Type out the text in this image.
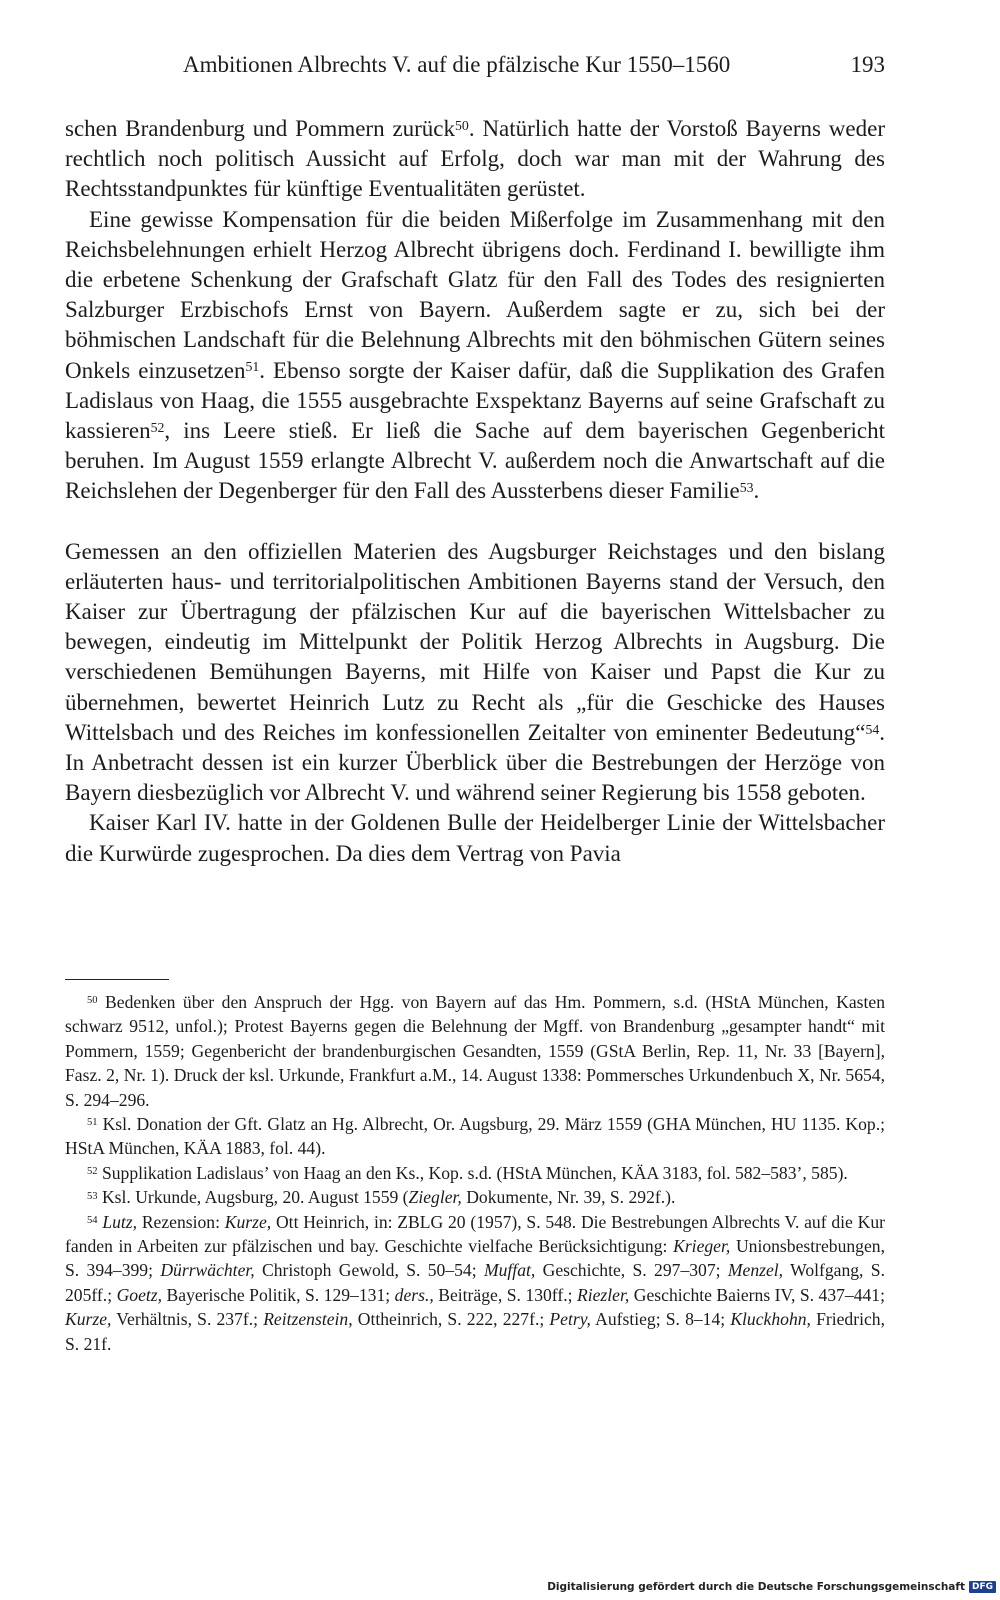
Ambitionen Albrechts V. auf die pfälzische Kur 1550–1560	193

schen Brandenburg und Pommern zurück$^{50}$. Natürlich hatte der Vorstoß Bayerns weder rechtlich noch politisch Aussicht auf Erfolg, doch war man mit der Wahrung des Rechtsstandpunktes für künftige Eventualitäten gerüstet.

Eine gewisse Kompensation für die beiden Mißerfolge im Zusammenhang mit den Reichsbelehnungen erhielt Herzog Albrecht übrigens doch. Ferdinand I. bewilligte ihm die erbetene Schenkung der Grafschaft Glatz für den Fall des Todes des resignierten Salzburger Erzbischofs Ernst von Bayern. Außerdem sagte er zu, sich bei der böhmischen Landschaft für die Belehnung Albrechts mit den böhmischen Gütern seines Onkels einzusetzen$^{51}$. Ebenso sorgte der Kaiser dafür, daß die Supplikation des Grafen Ladislaus von Haag, die 1555 ausgebrachte Exspektanz Bayerns auf seine Grafschaft zu kassieren$^{52}$, ins Leere stieß. Er ließ die Sache auf dem bayerischen Gegenbericht beruhen. Im August 1559 erlangte Albrecht V. außerdem noch die Anwartschaft auf die Reichslehen der Degenberger für den Fall des Aussterbens dieser Familie$^{53}$.

Gemessen an den offiziellen Materien des Augsburger Reichstages und den bislang erläuterten haus- und territorialpolitischen Ambitionen Bayerns stand der Versuch, den Kaiser zur Übertragung der pfälzischen Kur auf die bayerischen Wittelsbacher zu bewegen, eindeutig im Mittelpunkt der Politik Herzog Albrechts in Augsburg. Die verschiedenen Bemühungen Bayerns, mit Hilfe von Kaiser und Papst die Kur zu übernehmen, bewertet Heinrich Lutz zu Recht als „für die Geschicke des Hauses Wittelsbach und des Reiches im konfessionellen Zeitalter von eminenter Bedeutung“$^{54}$. In Anbetracht dessen ist ein kurzer Überblick über die Bestrebungen der Herzöge von Bayern diesbezüglich vor Albrecht V. und während seiner Regierung bis 1558 geboten.

Kaiser Karl IV. hatte in der Goldenen Bulle der Heidelberger Linie der Wittelsbacher die Kurwürde zugesprochen. Da dies dem Vertrag von Pavia

$^{50}$ Bedenken über den Anspruch der Hgg. von Bayern auf das Hm. Pommern, s.d. (HStA München, Kasten schwarz 9512, unfol.); Protest Bayerns gegen die Belehnung der Mgff. von Brandenburg „gesampter handt“ mit Pommern, 1559; Gegenbericht der brandenburgischen Gesandten, 1559 (GStA Berlin, Rep. 11, Nr. 33 [Bayern], Fasz. 2, Nr. 1). Druck der ksl. Urkunde, Frankfurt a.M., 14. August 1338: Pommersches Urkundenbuch X, Nr. 5654, S. 294–296.

$^{51}$ Ksl. Donation der Gft. Glatz an Hg. Albrecht, Or. Augsburg, 29. März 1559 (GHA München, HU 1135. Kop.; HStA München, KÄA 1883, fol. 44).

$^{52}$ Supplikation Ladislaus’ von Haag an den Ks., Kop. s.d. (HStA München, KÄA 3183, fol. 582–583’, 585).

$^{53}$ Ksl. Urkunde, Augsburg, 20. August 1559 (Ziegler, Dokumente, Nr. 39, S. 292f.).

$^{54}$ Lutz, Rezension: Kurze, Ott Heinrich, in: ZBLG 20 (1957), S. 548. Die Bestrebungen Albrechts V. auf die Kur fanden in Arbeiten zur pfälzischen und bay. Geschichte vielfache Berücksichtigung: Krieger, Unionsbestrebungen, S. 394–399; Dürrwächter, Christoph Gewold, S. 50–54; Muffat, Geschichte, S. 297–307; Menzel, Wolfgang, S. 205ff.; Goetz, Bayerische Politik, S. 129–131; ders., Beiträge, S. 130ff.; Riezler, Geschichte Baierns IV, S. 437–441; Kurze, Verhältnis, S. 237f.; Reitzenstein, Ottheinrich, S. 222, 227f.; Petry, Aufstieg; S. 8–14; Kluckhohn, Friedrich, S. 21f.

Digitalisierung gefördert durch die Deutsche Forschungsgemeinschaft DFG
